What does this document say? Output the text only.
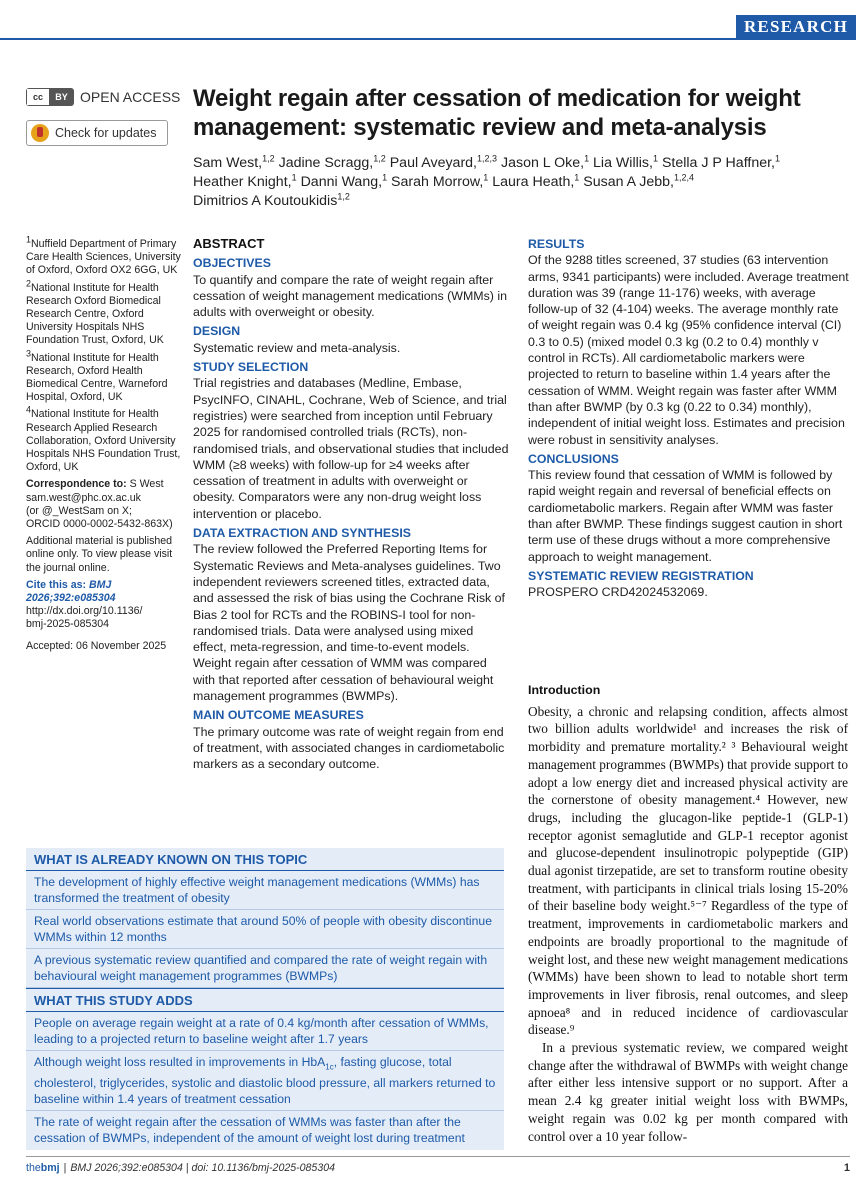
RESEARCH
cc	BY OPEN ACCESS
Check for updates
Weight regain after cessation of medication for weight management: systematic review and meta-analysis
Sam West,$^{1,2}$ Jadine Scragg,$^{1,2}$ Paul Aveyard,$^{1,2,3}$ Jason L Oke,$^1$ Lia Willis,$^1$ Stella J P Haffner,$^1$
Heather Knight,$^1$ Danni Wang,$^1$ Sarah Morrow,$^1$ Laura Heath,$^1$ Susan A Jebb,$^{1,2,4}$
Dimitrios A Koutoukidis$^{1,2}$

$^1$Nuffield Department of Primary Care Health Sciences, University of Oxford, Oxford OX2 6GG, UK

$^2$National Institute for Health Research Oxford Biomedical Research Centre, Oxford University Hospitals NHS Foundation Trust, Oxford, UK

$^3$National Institute for Health Research, Oxford Health Biomedical Centre, Warneford Hospital, Oxford, UK

$^4$National Institute for Health Research Applied Research Collaboration, Oxford University Hospitals NHS Foundation Trust, Oxford, UK

Correspondence to: S West
sam.west@phc.ox.ac.uk
(or @_WestSam on X;
ORCID 0000-0002-5432-863X)

Additional material is published online only. To view please visit the journal online.

Cite this as: BMJ 2026;392:e085304
http://dx.doi.org/10.1136/
bmj-2025-085304

Accepted: 06 November 2025

ABSTRACT
OBJECTIVES

To quantify and compare the rate of weight regain after cessation of weight management medications (WMMs) in adults with overweight or obesity.

DESIGN

Systematic review and meta-analysis.

STUDY SELECTION

Trial registries and databases (Medline, Embase, PsycINFO, CINAHL, Cochrane, Web of Science, and trial registries) were searched from inception until February 2025 for randomised controlled trials (RCTs), non-randomised trials, and observational studies that included WMM (≥8 weeks) with follow-up for ≥4 weeks after cessation of treatment in adults with overweight or obesity. Comparators were any non-drug weight loss intervention or placebo.

DATA EXTRACTION AND SYNTHESIS

The review followed the Preferred Reporting Items for Systematic Reviews and Meta-analyses guidelines. Two independent reviewers screened titles, extracted data, and assessed the risk of bias using the Cochrane Risk of Bias 2 tool for RCTs and the ROBINS-I tool for non-randomised trials. Data were analysed using mixed effect, meta-regression, and time-to-event models. Weight regain after cessation of WMM was compared with that reported after cessation of behavioural weight management programmes (BWMPs).

MAIN OUTCOME MEASURES

The primary outcome was rate of weight regain from end of treatment, with associated changes in cardiometabolic markers as a secondary outcome.

RESULTS

Of the 9288 titles screened, 37 studies (63 intervention arms, 9341 participants) were included. Average treatment duration was 39 (range 11-176) weeks, with average follow-up of 32 (4-104) weeks. The average monthly rate of weight regain was 0.4 kg (95% confidence interval (CI) 0.3 to 0.5) (mixed model 0.3 kg (0.2 to 0.4) monthly v control in RCTs). All cardiometabolic markers were projected to return to baseline within 1.4 years after the cessation of WMM. Weight regain was faster after WMM than after BWMP (by 0.3 kg (0.22 to 0.34) monthly), independent of initial weight loss. Estimates and precision were robust in sensitivity analyses.

CONCLUSIONS

This review found that cessation of WMM is followed by rapid weight regain and reversal of beneficial effects on cardiometabolic markers. Regain after WMM was faster than after BWMP. These findings suggest caution in short term use of these drugs without a more comprehensive approach to weight management.

SYSTEMATIC REVIEW REGISTRATION

PROSPERO CRD42024532069.

Introduction

Obesity, a chronic and relapsing condition, affects almost two billion adults worldwide¹ and increases the risk of morbidity and premature mortality.² ³ Behavioural weight management programmes (BWMPs) that provide support to adopt a low energy diet and increased physical activity are the cornerstone of obesity management.⁴ However, new drugs, including the glucagon-like peptide-1 (GLP-1) receptor agonist semaglutide and GLP-1 receptor agonist and glucose-dependent insulinotropic polypeptide (GIP) dual agonist tirzepatide, are set to transform routine obesity treatment, with participants in clinical trials losing 15-20% of their baseline body weight.⁵⁻⁷ Regardless of the type of treatment, improvements in cardiometabolic markers and endpoints are broadly proportional to the magnitude of weight lost, and these new weight management medications (WMMs) have been shown to lead to notable short term improvements in liver fibrosis, renal outcomes, and sleep apnoea⁸ and in reduced incidence of cardiovascular disease.⁹

In a previous systematic review, we compared weight change after the withdrawal of BWMPs with weight change after either less intensive support or no support. After a mean 2.4 kg greater initial weight loss with BWMPs, weight regain was 0.02 kg per month compared with control over a 10 year follow-

WHAT IS ALREADY KNOWN ON THIS TOPIC
The development of highly effective weight management medications (WMMs) has transformed the treatment of obesity
Real world observations estimate that around 50% of people with obesity discontinue WMMs within 12 months
A previous systematic review quantified and compared the rate of weight regain with behavioural weight management programmes (BWMPs)
WHAT THIS STUDY ADDS
People on average regain weight at a rate of 0.4 kg/month after cessation of WMMs, leading to a projected return to baseline weight after 1.7 years
Although weight loss resulted in improvements in HbA$_{1c}$, fasting glucose, total cholesterol, triglycerides, systolic and diastolic blood pressure, all markers returned to baseline within 1.4 years of treatment cessation
The rate of weight regain after the cessation of WMMs was faster than after the cessation of BWMPs, independent of the amount of weight lost during treatment
thebmj | BMJ 2026;392:e085304 | doi: 10.1136/bmj-2025-085304	1
